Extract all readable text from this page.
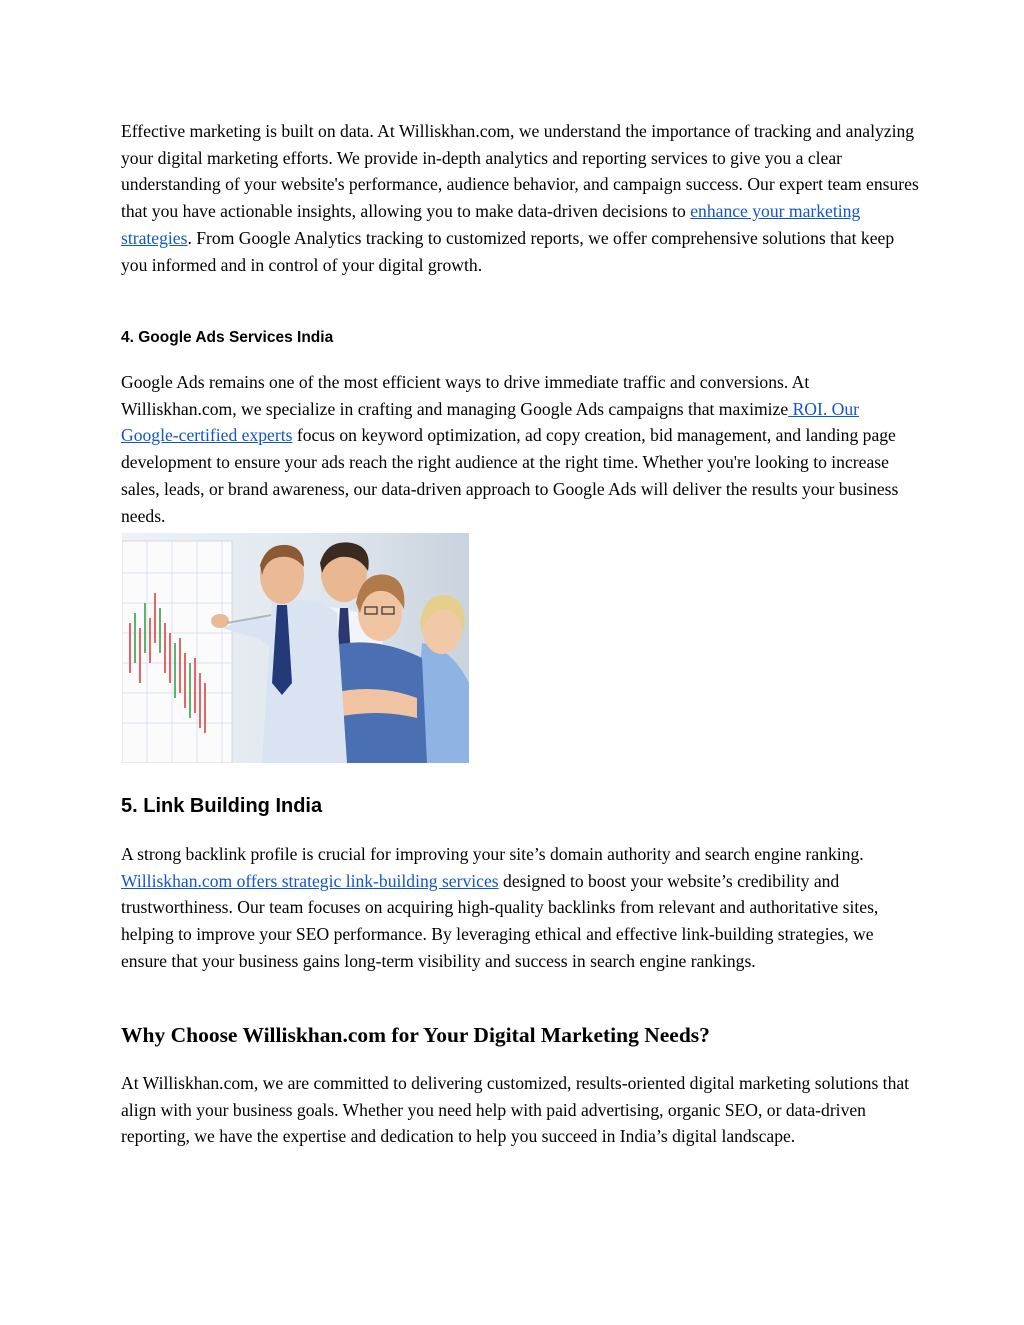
Effective marketing is built on data. At Williskhan.com, we understand the importance of tracking and analyzing your digital marketing efforts. We provide in-depth analytics and reporting services to give you a clear understanding of your website's performance, audience behavior, and campaign success. Our expert team ensures that you have actionable insights, allowing you to make data-driven decisions to enhance your marketing strategies. From Google Analytics tracking to customized reports, we offer comprehensive solutions that keep you informed and in control of your digital growth.

4. Google Ads Services India

Google Ads remains one of the most efficient ways to drive immediate traffic and conversions. At Williskhan.com, we specialize in crafting and managing Google Ads campaigns that maximize ROI. Our Google-certified experts focus on keyword optimization, ad copy creation, bid management, and landing page development to ensure your ads reach the right audience at the right time. Whether you're looking to increase sales, leads, or brand awareness, our data-driven approach to Google Ads will deliver the results your business needs.

5. Link Building India

A strong backlink profile is crucial for improving your site’s domain authority and search engine ranking. Williskhan.com offers strategic link-building services designed to boost your website’s credibility and trustworthiness. Our team focuses on acquiring high-quality backlinks from relevant and authoritative sites, helping to improve your SEO performance. By leveraging ethical and effective link-building strategies, we ensure that your business gains long-term visibility and success in search engine rankings.

Why Choose Williskhan.com for Your Digital Marketing Needs?

At Williskhan.com, we are committed to delivering customized, results-oriented digital marketing solutions that align with your business goals. Whether you need help with paid advertising, organic SEO, or data-driven reporting, we have the expertise and dedication to help you succeed in India’s digital landscape.
